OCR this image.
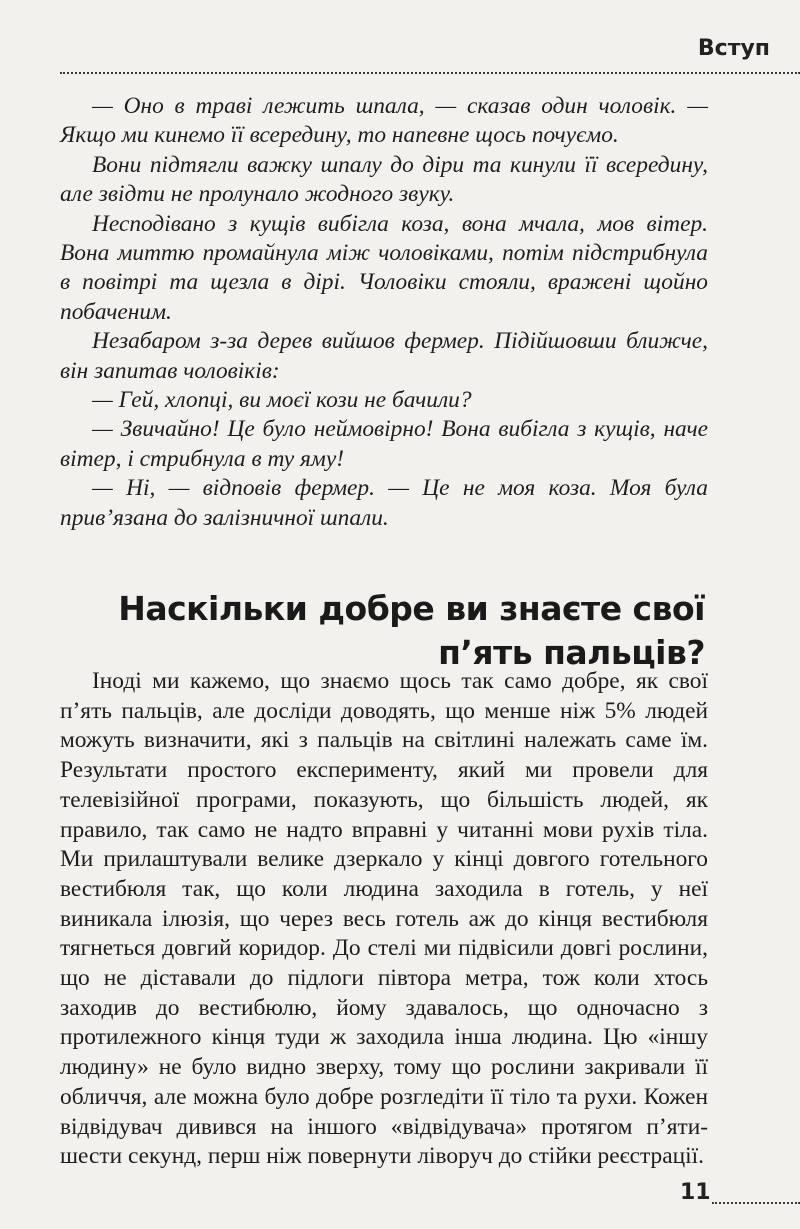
Вступ

— Оно в траві лежить шпала, — сказав один чоловік. — Якщо ми кинемо її всередину, то напевне щось почуємо.

Вони підтягли важку шпалу до діри та кинули її всередину, але звідти не пролунало жодного звуку.

Несподівано з кущів вибігла коза, вона мчала, мов вітер. Вона миттю промайнула між чоловіками, потім підстрибнула в повітрі та щезла в дірі. Чоловіки стояли, вражені щойно побаченим.

Незабаром з-за дерев вийшов фермер. Підійшовши ближче, він запитав чоловіків:

— Гей, хлопці, ви моєї кози не бачили?

— Звичайно! Це було неймовірно! Вона вибігла з кущів, наче вітер, і стрибнула в ту яму!

— Ні, — відповів фермер. — Це не моя коза. Моя була прив’язана до залізничної шпали.

Наскільки добре ви знаєте свої
п’ять пальців?

Іноді ми кажемо, що знаємо щось так само добре, як свої п’ять пальців, але досліди доводять, що менше ніж 5% людей можуть визначити, які з пальців на світлині належать саме їм. Результати простого експерименту, який ми провели для телевізійної програми, показують, що більшість людей, як правило, так само не надто вправні у читанні мови рухів тіла. Ми прилаштували велике дзеркало у кінці довгого готельного вестибюля так, що коли людина заходила в готель, у неї виникала ілюзія, що через весь готель аж до кінця вестибюля тягнеться довгий коридор. До стелі ми підвісили довгі рослини, що не діставали до підлоги півтора метра, тож коли хтось заходив до вестибюлю, йому здавалось, що одночасно з протилежного кінця туди ж заходила інша людина. Цю «іншу людину» не було видно зверху, тому що рослини закривали її обличчя, але можна було добре розгледіти її тіло та рухи. Кожен відвідувач дивився на іншого «відвідувача» протягом п’яти-шести секунд, перш ніж повернути ліворуч до стійки реєстрації.

11
